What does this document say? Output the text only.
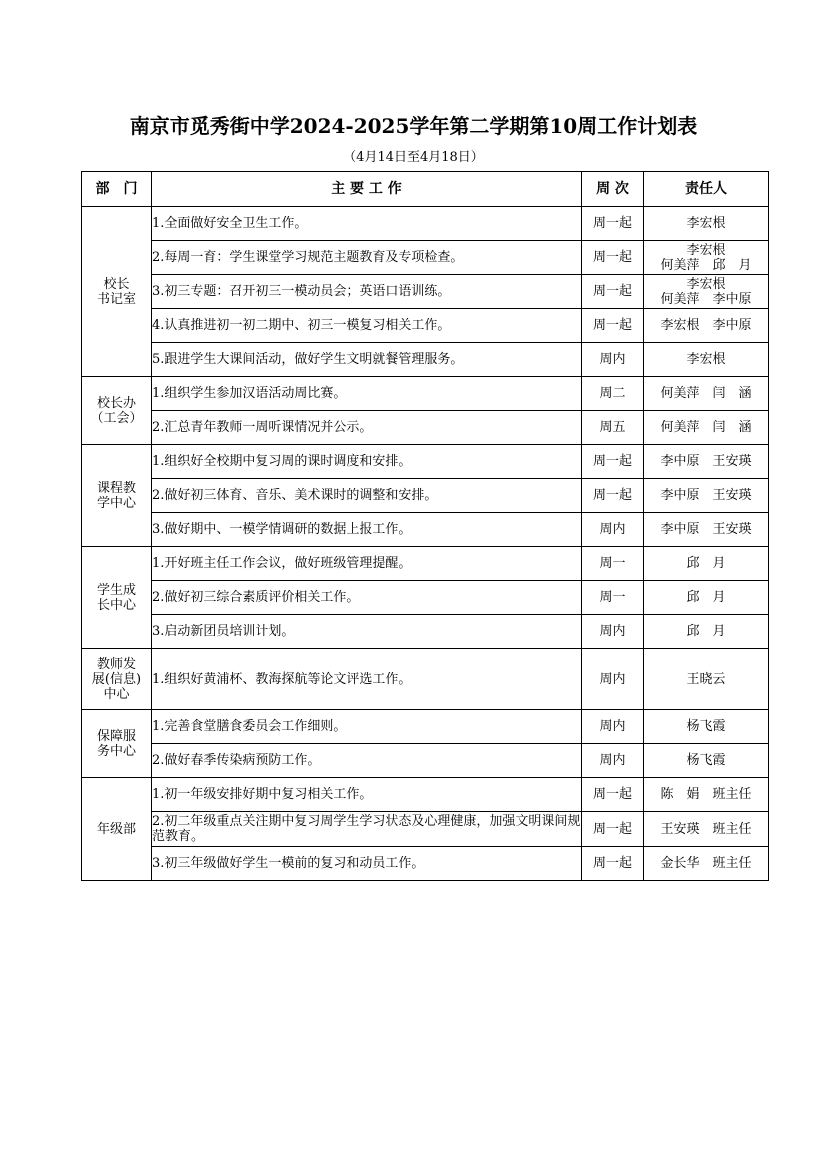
南京市觅秀街中学2024-2025学年第二学期第10周工作计划表
（4月14日至4月18日）
部　门	主 要 工 作	周 次	责任人

校长
书记室	1.全面做好安全卫生工作。	周一起	李宏根

	2.每周一育：学生课堂学习规范主题教育及专项检查。	周一起	李宏根
何美萍　邱　月

	3.初三专题：召开初三一模动员会；英语口语训练。	周一起	李宏根
何美萍　李中原

	4.认真推进初一初二期中、初三一模复习相关工作。	周一起	李宏根　李中原

	5.跟进学生大课间活动，做好学生文明就餐管理服务。	周内	李宏根

校长办
（工会）	1.组织学生参加汉语活动周比赛。	周二	何美萍　闫　涵

	2.汇总青年教师一周听课情况并公示。	周五	何美萍　闫　涵

课程教
学中心	1.组织好全校期中复习周的课时调度和安排。	周一起	李中原　王安瑛

	2.做好初三体育、音乐、美术课时的调整和安排。	周一起	李中原　王安瑛

	3.做好期中、一模学情调研的数据上报工作。	周内	李中原　王安瑛

学生成
长中心	1.开好班主任工作会议，做好班级管理提醒。	周一	邱　月

	2.做好初三综合素质评价相关工作。	周一	邱　月

	3.启动新团员培训计划。	周内	邱　月

教师发
展(信息)
中心	1.组织好黄浦杯、教海探航等论文评选工作。	周内	王晓云

保障服
务中心	1.完善食堂膳食委员会工作细则。	周内	杨飞霞

	2.做好春季传染病预防工作。	周内	杨飞霞

年级部	1.初一年级安排好期中复习相关工作。	周一起	陈　娟　班主任

	2.初二年级重点关注期中复习周学生学习状态及心理健康，加强文明课间规范教育。	周一起	王安瑛　班主任

	3.初三年级做好学生一模前的复习和动员工作。	周一起	金长华　班主任
